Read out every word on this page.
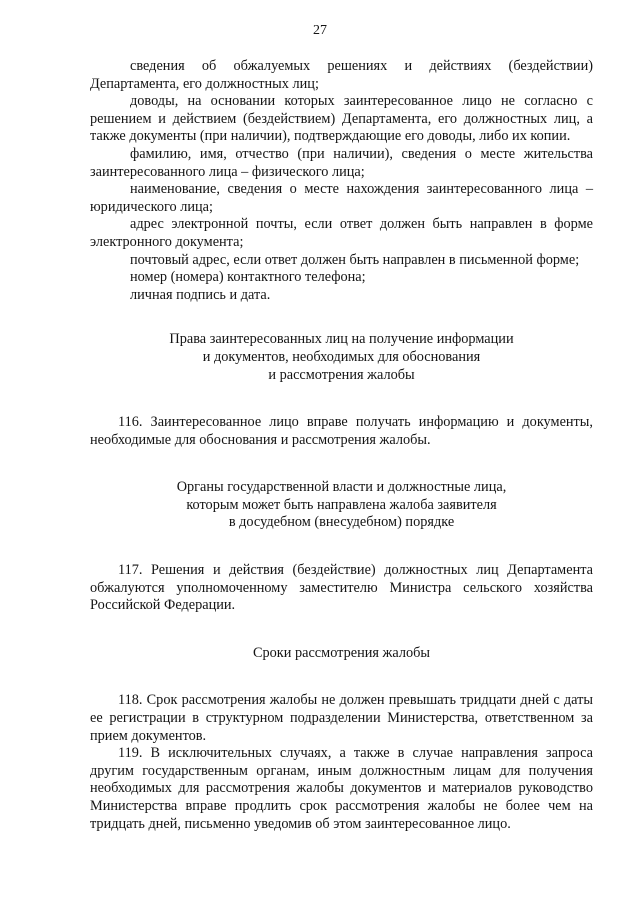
27

сведения об обжалуемых решениях и действиях (бездействии) Департамента, его должностных лиц;

доводы, на основании которых заинтересованное лицо не согласно с решением и действием (бездействием) Департамента, его должностных лиц, а также документы (при наличии), подтверждающие его доводы, либо их копии.

фамилию, имя, отчество (при наличии), сведения о месте жительства заинтересованного лица – физического лица;

наименование, сведения о месте нахождения заинтересованного лица – юридического лица;

адрес электронной почты, если ответ должен быть направлен в форме электронного документа;

почтовый адрес, если ответ должен быть направлен в письменной форме;

номер (номера) контактного телефона;

личная подпись и дата.

Права заинтересованных лиц на получение информации
и документов, необходимых для обоснования
и рассмотрения жалобы

116. Заинтересованное лицо вправе получать информацию и документы, необходимые для обоснования и рассмотрения жалобы.

Органы государственной власти и должностные лица,
которым может быть направлена жалоба заявителя
в досудебном (внесудебном) порядке

117. Решения и действия (бездействие) должностных лиц Департамента обжалуются уполномоченному заместителю Министра сельского хозяйства Российской Федерации.

Сроки рассмотрения жалобы

118. Срок рассмотрения жалобы не должен превышать тридцати дней с даты ее регистрации в структурном подразделении Министерства, ответственном за прием документов.

119. В исключительных случаях, а также в случае направления запроса другим государственным органам, иным должностным лицам для получения необходимых для рассмотрения жалобы документов и материалов руководство Министерства вправе продлить срок рассмотрения жалобы не более чем на тридцать дней, письменно уведомив об этом заинтересованное лицо.
